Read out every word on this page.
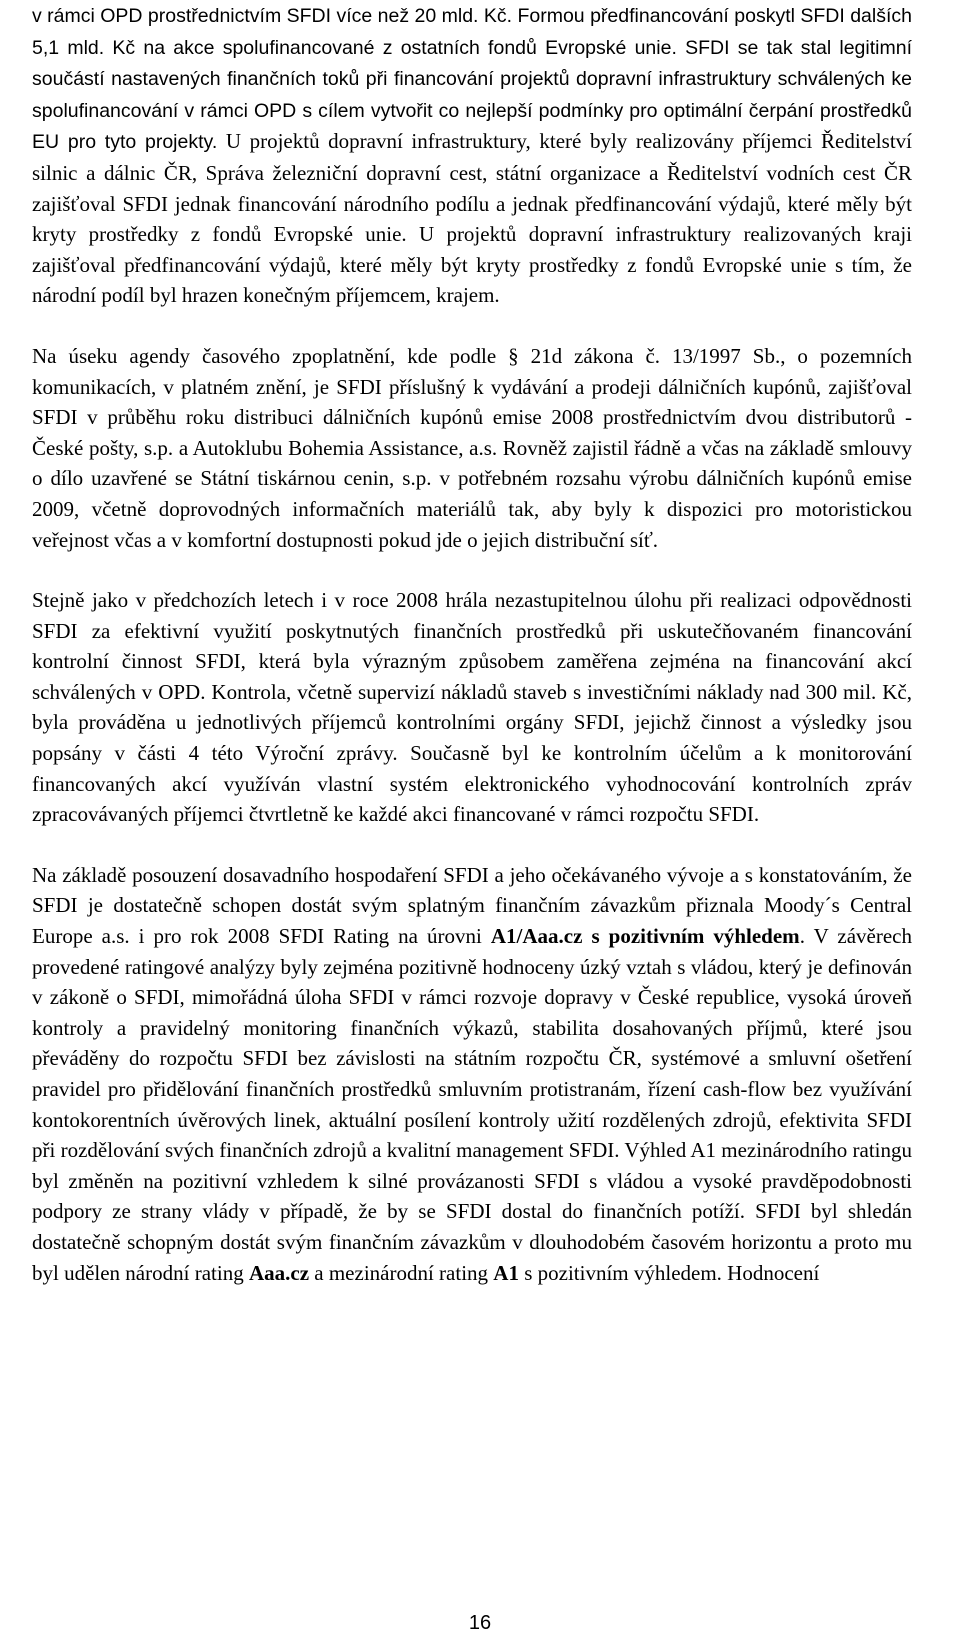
v rámci OPD prostřednictvím SFDI více než 20 mld. Kč. Formou předfinancování poskytl SFDI dalších 5,1 mld. Kč na akce spolufinancované z ostatních fondů Evropské unie. SFDI se tak stal legitimní součástí nastavených finančních toků při financování projektů dopravní infrastruktury schválených ke spolufinancování v rámci OPD s cílem vytvořit co nejlepší podmínky pro optimální čerpání prostředků EU pro tyto projekty. U projektů dopravní infrastruktury, které byly realizovány příjemci Ředitelství silnic a dálnic ČR, Správa železniční dopravní cest, státní organizace a Ředitelství vodních cest ČR zajišťoval SFDI jednak financování národního podílu a jednak předfinancování výdajů, které měly být kryty prostředky z fondů Evropské unie. U projektů dopravní infrastruktury realizovaných kraji zajišťoval předfinancování výdajů, které měly být kryty prostředky z fondů Evropské unie s tím, že národní podíl byl hrazen konečným příjemcem, krajem.

Na úseku agendy časového zpoplatnění, kde podle § 21d zákona č. 13/1997 Sb., o pozemních komunikacích, v platném znění, je SFDI příslušný k vydávání a prodeji dálničních kupónů, zajišťoval SFDI v průběhu roku distribuci dálničních kupónů emise 2008 prostřednictvím dvou distributorů - České pošty, s.p. a Autoklubu Bohemia Assistance, a.s. Rovněž zajistil řádně a včas na základě smlouvy o dílo uzavřené se Státní tiskárnou cenin, s.p. v potřebném rozsahu výrobu dálničních kupónů emise 2009, včetně doprovodných informačních materiálů tak, aby byly k dispozici pro motoristickou veřejnost včas a v komfortní dostupnosti pokud jde o jejich distribuční síť.

Stejně jako v předchozích letech i v roce 2008 hrála nezastupitelnou úlohu při realizaci odpovědnosti SFDI za efektivní využití poskytnutých finančních prostředků při uskutečňovaném financování kontrolní činnost SFDI, která byla výrazným způsobem zaměřena zejména na financování akcí schválených v OPD. Kontrola, včetně supervizí nákladů staveb s investičními náklady nad 300 mil. Kč, byla prováděna u jednotlivých příjemců kontrolními orgány SFDI, jejichž činnost a výsledky jsou popsány v části 4 této Výroční zprávy. Současně byl ke kontrolním účelům a k monitorování financovaných akcí využíván vlastní systém elektronického vyhodnocování kontrolních zpráv zpracovávaných příjemci čtvrtletně ke každé akci financované v rámci rozpočtu SFDI.

Na základě posouzení dosavadního hospodaření SFDI a jeho očekávaného vývoje a s konstatováním, že SFDI je dostatečně schopen dostát svým splatným finančním závazkům přiznala Moody´s Central Europe a.s. i pro rok 2008 SFDI Rating na úrovni A1/Aaa.cz s pozitivním výhledem. V závěrech provedené ratingové analýzy byly zejména pozitivně hodnoceny úzký vztah s vládou, který je definován v zákoně o SFDI, mimořádná úloha SFDI v rámci rozvoje dopravy v České republice, vysoká úroveň kontroly a pravidelný monitoring finančních výkazů, stabilita dosahovaných příjmů, které jsou převáděny do rozpočtu SFDI bez závislosti na státním rozpočtu ČR, systémové a smluvní ošetření pravidel pro přidělování finančních prostředků smluvním protistranám, řízení cash-flow bez využívání kontokorentních úvěrových linek, aktuální posílení kontroly užití rozdělených zdrojů, efektivita SFDI při rozdělování svých finančních zdrojů a kvalitní management SFDI. Výhled A1 mezinárodního ratingu byl změněn na pozitivní vzhledem k silné provázanosti SFDI s vládou a vysoké pravděpodobnosti podpory ze strany vlády v případě, že by se SFDI dostal do finančních potíží. SFDI byl shledán dostatečně schopným dostát svým finančním závazkům v dlouhodobém časovém horizontu a proto mu byl udělen národní rating Aaa.cz a mezinárodní rating A1 s pozitivním výhledem. Hodnocení

16
